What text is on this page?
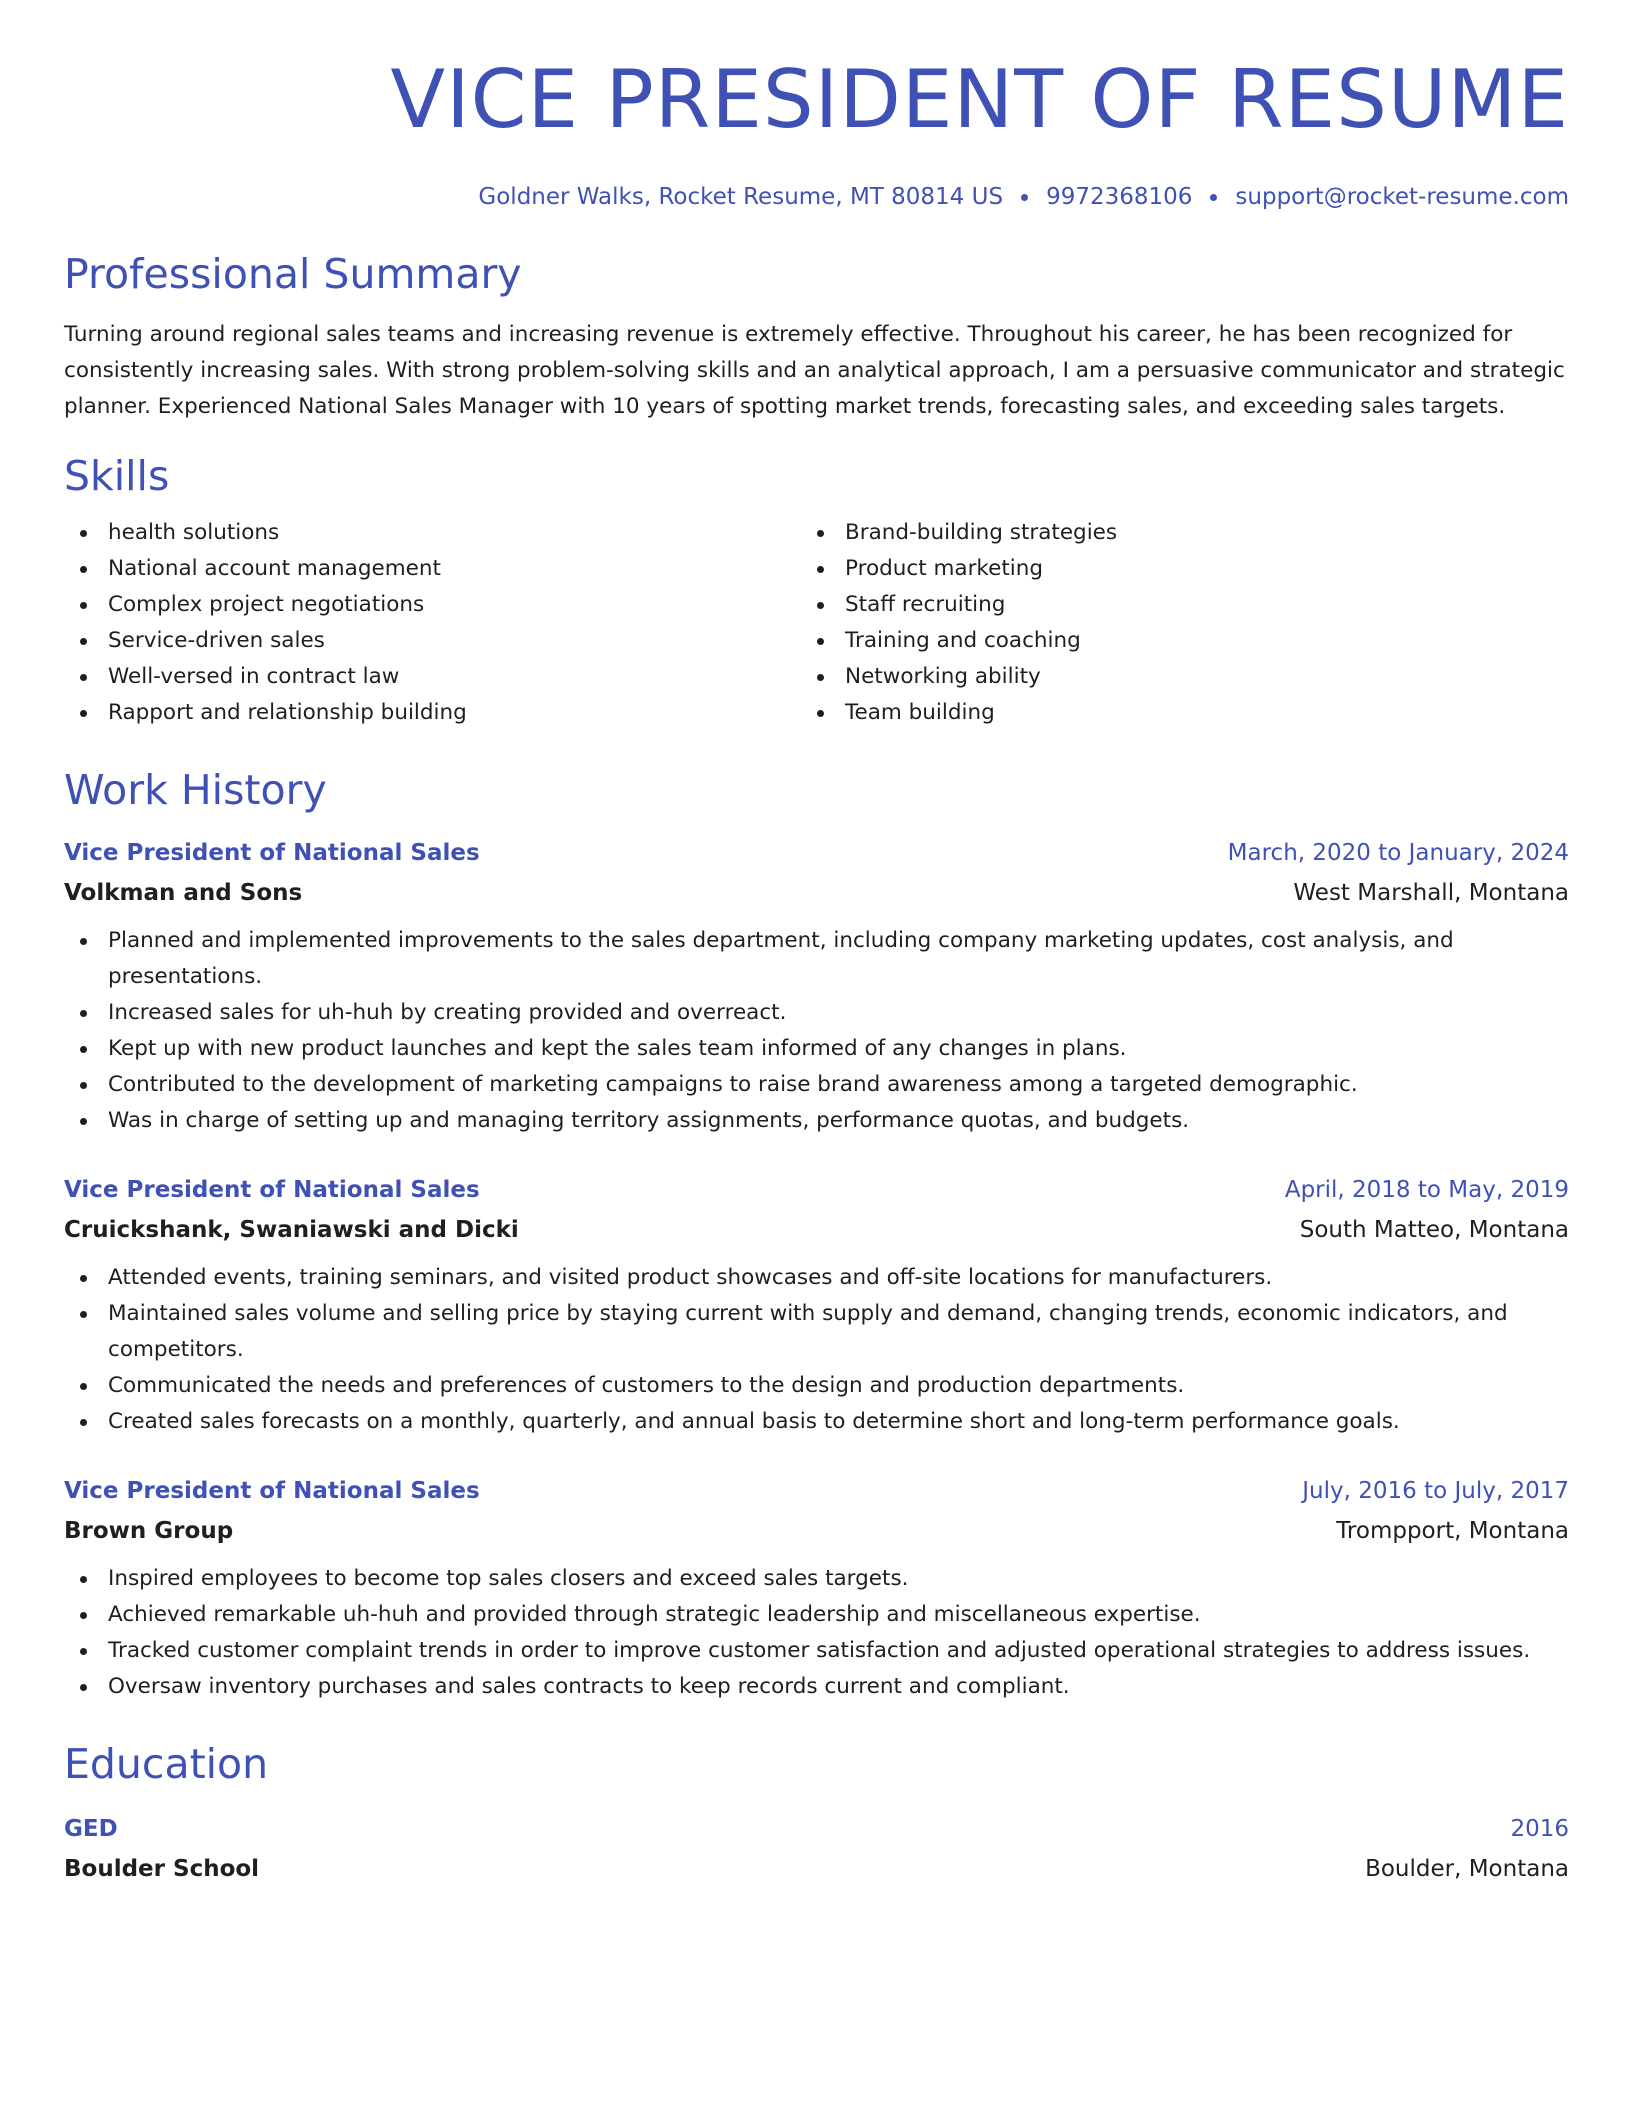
VICE PRESIDENT OF RESUME
Goldner Walks, Rocket Resume, MT 80814 US 9972368106 support@rocket-resume.com
Professional Summary

Turning around regional sales teams and increasing revenue is extremely effective. Throughout his career, he has been recognized for consistently increasing sales. With strong problem-solving skills and an analytical approach, I am a persuasive communicator and strategic planner. Experienced National Sales Manager with 10 years of spotting market trends, forecasting sales, and exceeding sales targets.

Skills
health solutions
National account management
Complex project negotiations
Service-driven sales
Well-versed in contract law
Rapport and relationship building
Brand-building strategies
Product marketing
Staff recruiting
Training and coaching
Networking ability
Team building
Work History
Vice President of National Sales	March, 2020 to January, 2024
Volkman and Sons	West Marshall, Montana
Planned and implemented improvements to the sales department, including company marketing updates, cost analysis, and presentations.
Increased sales for uh-huh by creating provided and overreact.
Kept up with new product launches and kept the sales team informed of any changes in plans.
Contributed to the development of marketing campaigns to raise brand awareness among a targeted demographic.
Was in charge of setting up and managing territory assignments, performance quotas, and budgets.
Vice President of National Sales	April, 2018 to May, 2019
Cruickshank, Swaniawski and Dicki	South Matteo, Montana
Attended events, training seminars, and visited product showcases and off-site locations for manufacturers.
Maintained sales volume and selling price by staying current with supply and demand, changing trends, economic indicators, and competitors.
Communicated the needs and preferences of customers to the design and production departments.
Created sales forecasts on a monthly, quarterly, and annual basis to determine short and long-term performance goals.
Vice President of National Sales	July, 2016 to July, 2017
Brown Group	Trompport, Montana
Inspired employees to become top sales closers and exceed sales targets.
Achieved remarkable uh-huh and provided through strategic leadership and miscellaneous expertise.
Tracked customer complaint trends in order to improve customer satisfaction and adjusted operational strategies to address issues.
Oversaw inventory purchases and sales contracts to keep records current and compliant.
Education
GED	2016
Boulder School	Boulder, Montana
